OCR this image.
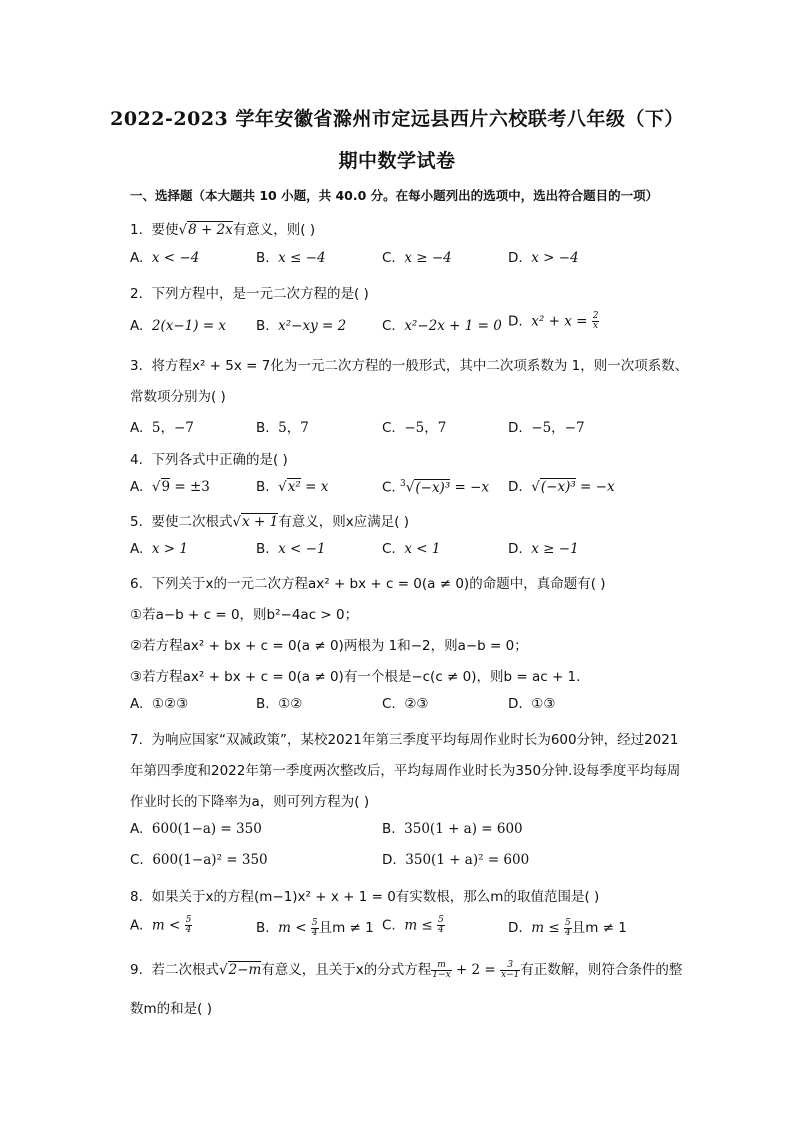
2022-2023 学年安徽省滁州市定远县西片六校联考八年级（下）
期中数学试卷
一、选择题（本大题共 10 小题，共 40.0 分。在每小题列出的选项中，选出符合题目的一项）
1. 要使√8 + 2x有意义，则( )
A. x < −4	B. x ≤ −4	C. x ≥ −4	D. x > −4
2. 下列方程中，是一元二次方程的是( )
A. 2(x−1) = x B. x²−xy = 2	C. x²−2x + 1 = 0 D. $x^2 + x = \frac{2}{x}$
3. 将方程x² + 5x = 7化为一元二次方程的一般形式，其中二次项系数为 1，则一次项系数、
常数项分别为( )
A. 5，−7	B. 5，7	C. −5，7	D. −5，−7
4. 下列各式中正确的是( )
A. √9 = ±3	B. √x² = x	C. $^3$√(−x)³ = −x D. √(−x)³ = −x
5. 要使二次根式√x + 1有意义，则x应满足( )
A. x > 1	B. x < −1	C. x < 1	D. x ≥ −1
6. 下列关于x的一元二次方程ax² + bx + c = 0(a ≠ 0)的命题中，真命题有( )
①若a−b + c = 0，则b²−4ac > 0；
②若方程ax² + bx + c = 0(a ≠ 0)两根为 1和−2，则a−b = 0；
③若方程ax² + bx + c = 0(a ≠ 0)有一个根是−c(c ≠ 0)，则b = ac + 1.
A. ①②③	B. ①②	C. ②③	D. ①③
7. 为响应国家“双减政策”，某校2021年第三季度平均每周作业时长为600分钟，经过2021
年第四季度和2022年第一季度两次整改后，平均每周作业时长为350分钟.设每季度平均每周
作业时长的下降率为a，则可列方程为( )
A. 600(1−a) = 350	B. 350(1 + a) = 600
C. 600(1−a)² = 350	D. 350(1 + a)² = 600
8. 如果关于x的方程(m−1)x² + x + 1 = 0有实数根，那么m的取值范围是( )
A. $m < \frac{5}{4}$	B. $m < \frac{5}{4}$ 且m ≠ 1 C. $m \le \frac{5}{4}$	D. $m \le \frac{5}{4}$ 且m ≠ 1
9. 若二次根式√2−m有意义，且关于x的分式方程 $\frac{m}{1-x} + 2 = \frac{3}{x-1}$ 有正数解，则符合条件的整
数m的和是( )
